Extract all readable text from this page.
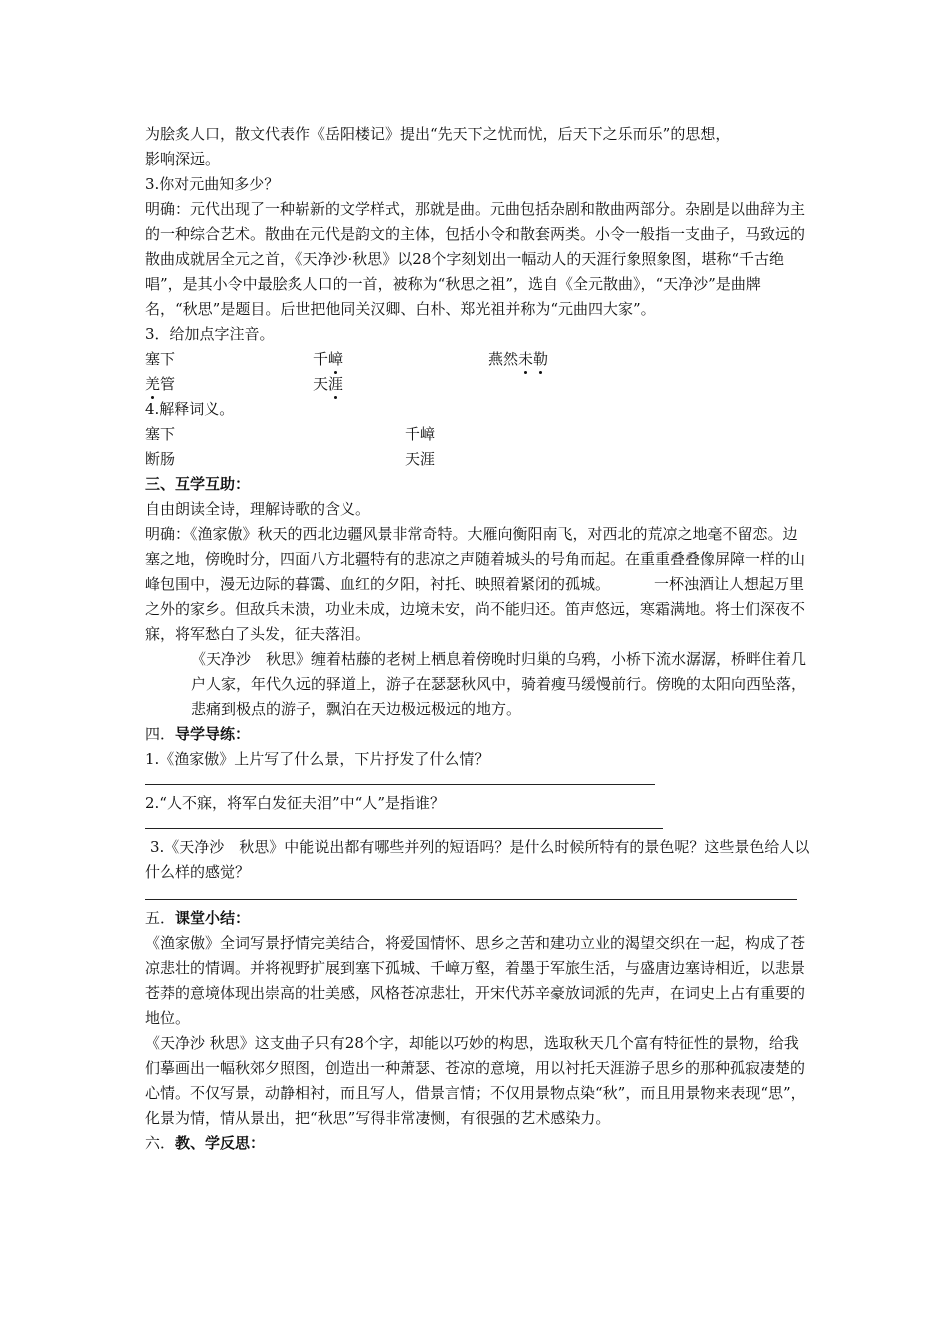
为脍炙人口，散文代表作《岳阳楼记》提出“先天下之忧而忧，后天下之乐而乐”的思想，
影响深远。
3.你对元曲知多少？
明确：元代出现了一种崭新的文学样式，那就是曲。元曲包括杂剧和散曲两部分。杂剧是以曲辞为主的一种综合艺术。散曲在元代是韵文的主体，包括小令和散套两类。小令一般指一支曲子，马致远的散曲成就居全元之首，《天净沙·秋思》以28个字刻划出一幅动人的天涯行象照象图，堪称“千古绝唱”，是其小令中最脍炙人口的一首，被称为“秋思之祖”，选自《全元散曲》，“天净沙”是曲牌名，“秋思”是题目。后世把他同关汉卿、白朴、郑光祖并称为“元曲四大家”。
3．给加点字注音。
塞下	千嶂	燕然未勒
羌管	天涯
4.解释词义。
塞下	千嶂
断肠	天涯
三、互学互助：
自由朗读全诗，理解诗歌的含义。
明确：《渔家傲》秋天的西北边疆风景非常奇特。大雁向衡阳南飞，对西北的荒凉之地毫不留恋。边塞之地，傍晚时分，四面八方北疆特有的悲凉之声随着城头的号角而起。在重重叠叠像屏障一样的山峰包围中，漫无边际的暮霭、血红的夕阳，衬托、映照着紧闭的孤城。	一杯浊酒让人想起万里之外的家乡。但敌兵未溃，功业未成，边境未安，尚不能归还。笛声悠远，寒霜满地。将士们深夜不寐，将军愁白了头发，征夫落泪。
《天净沙　秋思》缠着枯藤的老树上栖息着傍晚时归巢的乌鸦，小桥下流水潺潺，桥畔住着几户人家，年代久远的驿道上，游子在瑟瑟秋风中，骑着瘦马缓慢前行。傍晚的太阳向西坠落，悲痛到极点的游子，飘泊在天边极远极远的地方。
四．导学导练：
1.《渔家傲》上片写了什么景，下片抒发了什么情？
2.“人不寐，将军白发征夫泪”中“人”是指谁？
3.《天净沙　秋思》中能说出都有哪些并列的短语吗？是什么时候所特有的景色呢？这些景色给人以什么样的感觉？
五．课堂小结：
《渔家傲》全词写景抒情完美结合，将爱国情怀、思乡之苦和建功立业的渴望交织在一起，构成了苍凉悲壮的情调。并将视野扩展到塞下孤城、千嶂万壑，着墨于军旅生活，与盛唐边塞诗相近，以悲景苍莽的意境体现出崇高的壮美感，风格苍凉悲壮，开宋代苏辛豪放词派的先声，在词史上占有重要的地位。
《天净沙 秋思》这支曲子只有28个字，却能以巧妙的构思，选取秋天几个富有特征性的景物，给我们摹画出一幅秋郊夕照图，创造出一种萧瑟、苍凉的意境，用以衬托天涯游子思乡的那种孤寂凄楚的心情。不仅写景，动静相衬，而且写人，借景言情；不仅用景物点染“秋”，而且用景物来表现“思”，化景为情，情从景出，把“秋思”写得非常凄恻，有很强的艺术感染力。
六．教、学反思：
